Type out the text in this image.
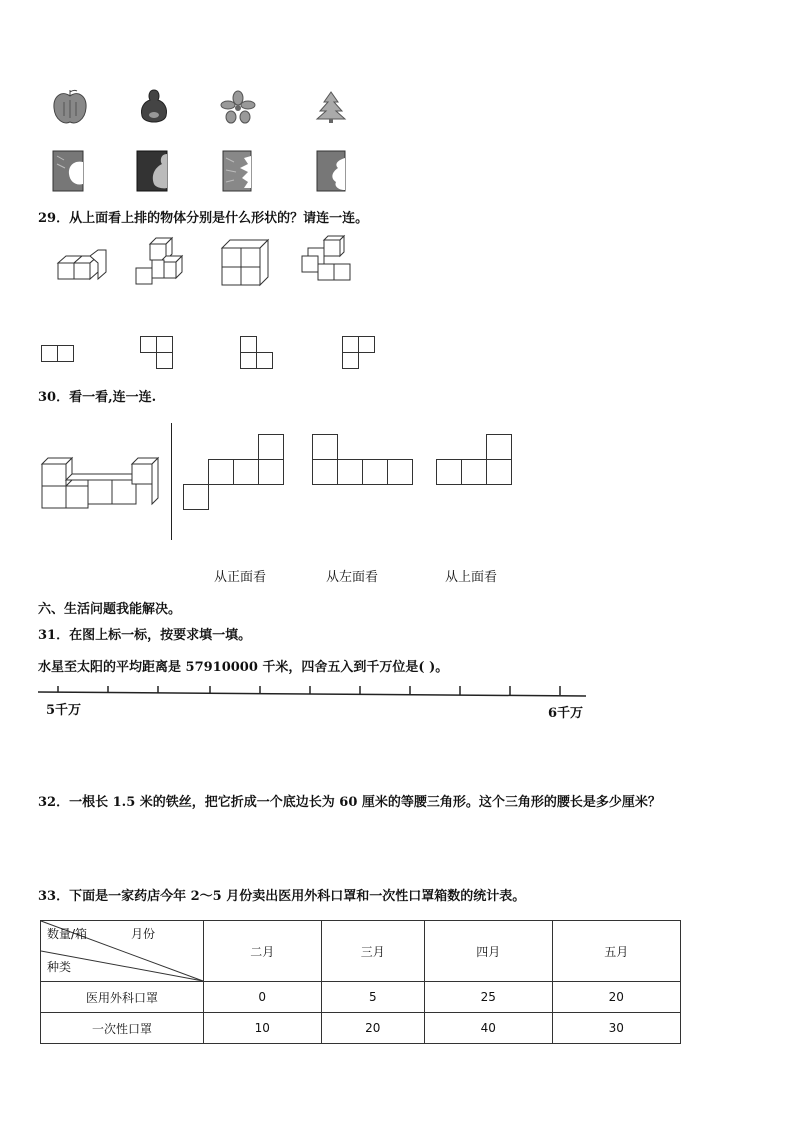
29．从上面看上排的物体分别是什么形状的？请连一连。
30．看一看,连一连.
从正面看	从左面看	从上面看
六、生活问题我能解决。
31．在图上标一标，按要求填一填。
水星至太阳的平均距离是 57910000 千米，四舍五入到千万位是( )。
5千万	6千万
32．一根长 1.5 米的铁丝，把它折成一个底边长为 60 厘米的等腰三角形。这个三角形的腰长是多少厘米？
33．下面是一家药店今年 2～5 月份卖出医用外科口罩和一次性口罩箱数的统计表。
数量/箱 月份
种类	二月	三月	四月	五月
医用外科口罩	0	5	25	20
一次性口罩	10	20	40	30
